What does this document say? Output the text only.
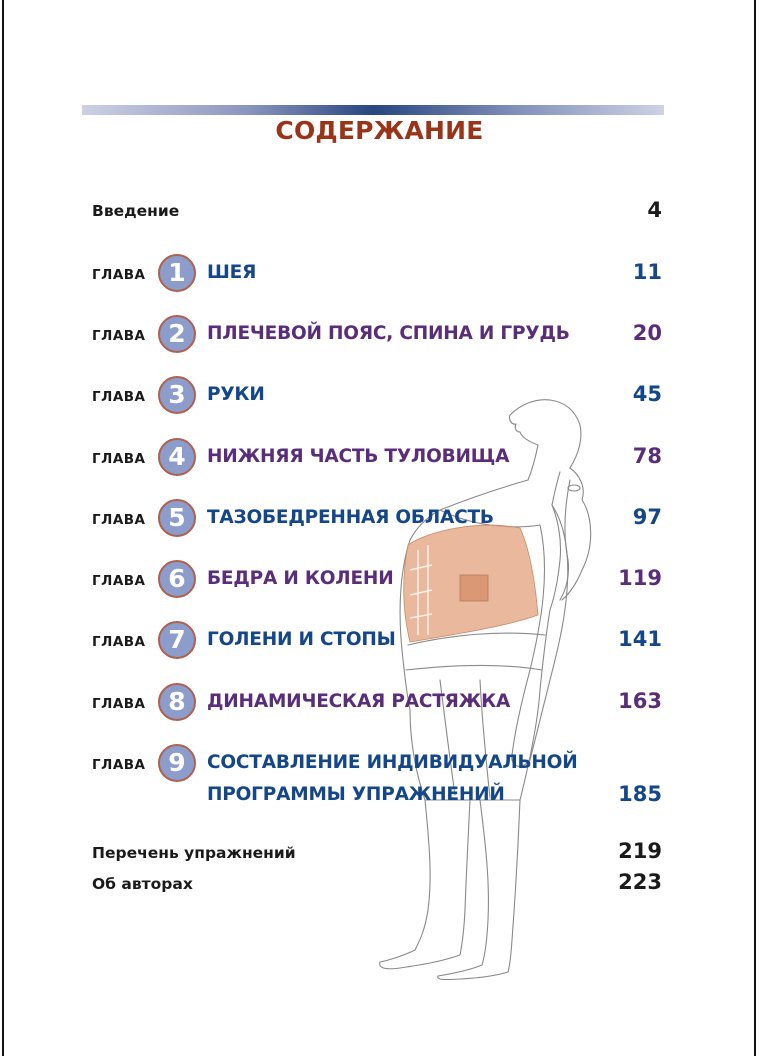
СОДЕРЖАНИЕ
Введение	4
ГЛАВА 1	ШЕЯ	11
ГЛАВА 2	ПЛЕЧЕВОЙ ПОЯС, СПИНА И ГРУДЬ	20
ГЛАВА 3	РУКИ	45
ГЛАВА 4	НИЖНЯЯ ЧАСТЬ ТУЛОВИЩА	78
ГЛАВА 5	ТАЗОБЕДРЕННАЯ ОБЛАСТЬ	97
ГЛАВА 6	БЕДРА И КОЛЕНИ	119
ГЛАВА 7	ГОЛЕНИ И СТОПЫ	141
ГЛАВА 8	ДИНАМИЧЕСКАЯ РАСТЯЖКА	163
ГЛАВА 9	СОСТАВЛЕНИЕ ИНДИВИДУАЛЬНОЙ
ПРОГРАММЫ УПРАЖНЕНИЙ	185
Перечень упражнений	219
Об авторах	223
